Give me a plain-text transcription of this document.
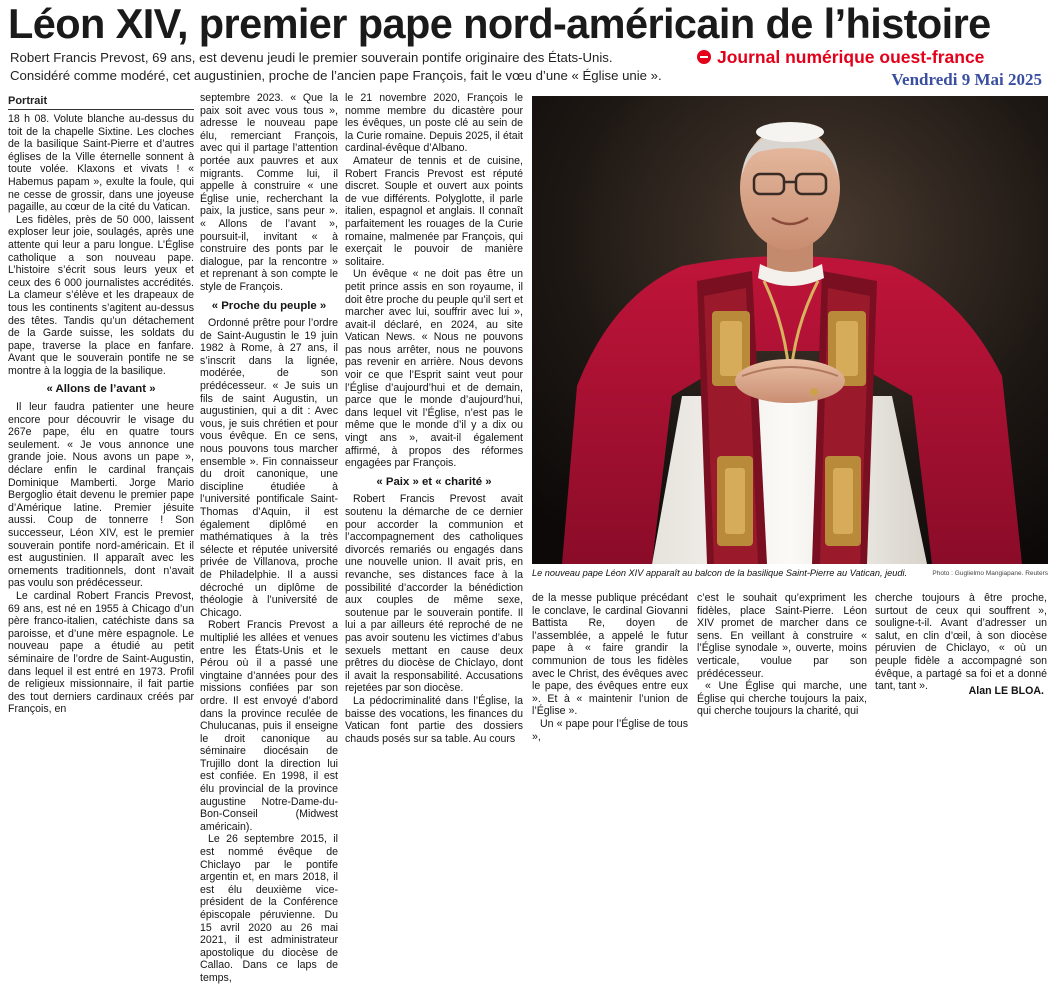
Léon XIV, premier pape nord-américain de l’histoire
Robert Francis Prevost, 69 ans, est devenu jeudi le premier souverain pontife originaire des États-Unis.
Considéré comme modéré, cet augustinien, proche de l’ancien pape François, fait le vœu d’une « Église unie ».
Journal numérique ouest-france
Vendredi 9 Mai 2025
Portrait

18 h 08. Volute blanche au-dessus du toit de la chapelle Sixtine. Les cloches de la basilique Saint-Pierre et d’autres églises de la Ville éternelle sonnent à toute volée. Klaxons et vivats ! « Habemus papam », exulte la foule, qui ne cesse de grossir, dans une joyeuse pagaille, au cœur de la cité du Vatican.

Les fidèles, près de 50 000, laissent exploser leur joie, soulagés, après une attente qui leur a paru longue. L’Église catholique a son nouveau pape. L’histoire s’écrit sous leurs yeux et ceux des 6 000 journalistes accrédités. La clameur s’élève et les drapeaux de tous les continents s’agitent au-dessus des têtes. Tandis qu’un détachement de la Garde suisse, les soldats du pape, traverse la place en fanfare. Avant que le souverain pontife ne se montre à la loggia de la basilique.

« Allons de l’avant »

Il leur faudra patienter une heure encore pour découvrir le visage du 267e pape, élu en quatre tours seulement. « Je vous annonce une grande joie. Nous avons un pape », déclare enfin le cardinal français Dominique Mamberti. Jorge Mario Bergoglio était devenu le premier pape d’Amérique latine. Premier jésuite aussi. Coup de tonnerre ! Son successeur, Léon XIV, est le premier souverain pontife nord-américain. Et il est augustinien. Il apparaît avec les ornements traditionnels, dont n’avait pas voulu son prédécesseur.

Le cardinal Robert Francis Prevost, 69 ans, est né en 1955 à Chicago d’un père franco-italien, catéchiste dans sa paroisse, et d’une mère espagnole. Le nouveau pape a étudié au petit séminaire de l’ordre de Saint-Augustin, dans lequel il est entré en 1973. Profil de religieux missionnaire, il fait partie des tout derniers cardinaux créés par François, en

septembre 2023. « Que la paix soit avec vous tous », adresse le nouveau pape élu, remerciant François, avec qui il partage l’attention portée aux pauvres et aux migrants. Comme lui, il appelle à construire « une Église unie, recherchant la paix, la justice, sans peur ». « Allons de l’avant », poursuit-il, invitant « à construire des ponts par le dialogue, par la rencontre » et reprenant à son compte le style de François.

« Proche du peuple »

Ordonné prêtre pour l’ordre de Saint-Augustin le 19 juin 1982 à Rome, à 27 ans, il s’inscrit dans la lignée, modérée, de son prédécesseur. « Je suis un fils de saint Augustin, un augustinien, qui a dit : Avec vous, je suis chrétien et pour vous évêque. En ce sens, nous pouvons tous marcher ensemble ». Fin connaisseur du droit canonique, une discipline étudiée à l’université pontificale Saint-Thomas d’Aquin, il est également diplômé en mathématiques à la très sélecte et réputée université privée de Villanova, proche de Philadelphie. Il a aussi décroché un diplôme de théologie à l’université de Chicago.

Robert Francis Prevost a multiplié les allées et venues entre les États-Unis et le Pérou où il a passé une vingtaine d’années pour des missions confiées par son ordre. Il est envoyé d’abord dans la province reculée de Chulucanas, puis il enseigne le droit canonique au séminaire diocésain de Trujillo dont la direction lui est confiée. En 1998, il est élu provincial de la province augustine Notre-Dame-du-Bon-Conseil (Midwest américain).

Le 26 septembre 2015, il est nommé évêque de Chiclayo par le pontife argentin et, en mars 2018, il est élu deuxième vice-président de la Conférence épiscopale péruvienne. Du 15 avril 2020 au 26 mai 2021, il est administrateur apostolique du diocèse de Callao. Dans ce laps de temps,

le 21 novembre 2020, François le nomme membre du dicastère pour les évêques, un poste clé au sein de la Curie romaine. Depuis 2025, il était cardinal-évêque d’Albano.

Amateur de tennis et de cuisine, Robert Francis Prevost est réputé discret. Souple et ouvert aux points de vue différents. Polyglotte, il parle italien, espagnol et anglais. Il connaît parfaitement les rouages de la Curie romaine, malmenée par François, qui exerçait le pouvoir de manière solitaire.

Un évêque « ne doit pas être un petit prince assis en son royaume, il doit être proche du peuple qu’il sert et marcher avec lui, souffrir avec lui », avait-il déclaré, en 2024, au site Vatican News. « Nous ne pouvons pas nous arrêter, nous ne pouvons pas revenir en arrière. Nous devons voir ce que l’Esprit saint veut pour l’Église d’aujourd’hui et de demain, parce que le monde d’aujourd’hui, dans lequel vit l’Église, n’est pas le même que le monde d’il y a dix ou vingt ans », avait-il également affirmé, à propos des réformes engagées par François.

« Paix » et « charité »

Robert Francis Prevost avait soutenu la démarche de ce dernier pour accorder la communion et l’accompagnement des catholiques divorcés remariés ou engagés dans une nouvelle union. Il avait pris, en revanche, ses distances face à la possibilité d’accorder la bénédiction aux couples de même sexe, soutenue par le souverain pontife. Il lui a par ailleurs été reproché de ne pas avoir soutenu les victimes d’abus sexuels mettant en cause deux prêtres du diocèse de Chiclayo, dont il avait la responsabilité. Accusations rejetées par son diocèse.

La pédocriminalité dans l’Église, la baisse des vocations, les finances du Vatican font partie des dossiers chauds posés sur sa table. Au cours

Le nouveau pape Léon XIV apparaît au balcon de la basilique Saint-Pierre au Vatican, jeudi.	Photo : Guglielmo Mangiapane. Reuters

de la messe publique précédant le conclave, le cardinal Giovanni Battista Re, doyen de l’assemblée, a appelé le futur pape à « faire grandir la communion de tous les fidèles avec le Christ, des évêques avec le pape, des évêques entre eux ». Et à « maintenir l’union de l’Église ».

Un « pape pour l’Église de tous »,

c’est le souhait qu’expriment les fidèles, place Saint-Pierre. Léon XIV promet de marcher dans ce sens. En veillant à construire « l’Église synodale », ouverte, moins verticale, voulue par son prédécesseur.

« Une Église qui marche, une Église qui cherche toujours la paix, qui cherche toujours la charité, qui

cherche toujours à être proche, surtout de ceux qui souffrent », souligne-t-il. Avant d’adresser un salut, en clin d’œil, à son diocèse péruvien de Chiclayo, « où un peuple fidèle a accompagné son évêque, a partagé sa foi et a donné tant, tant ».	Alan LE BLOA.
